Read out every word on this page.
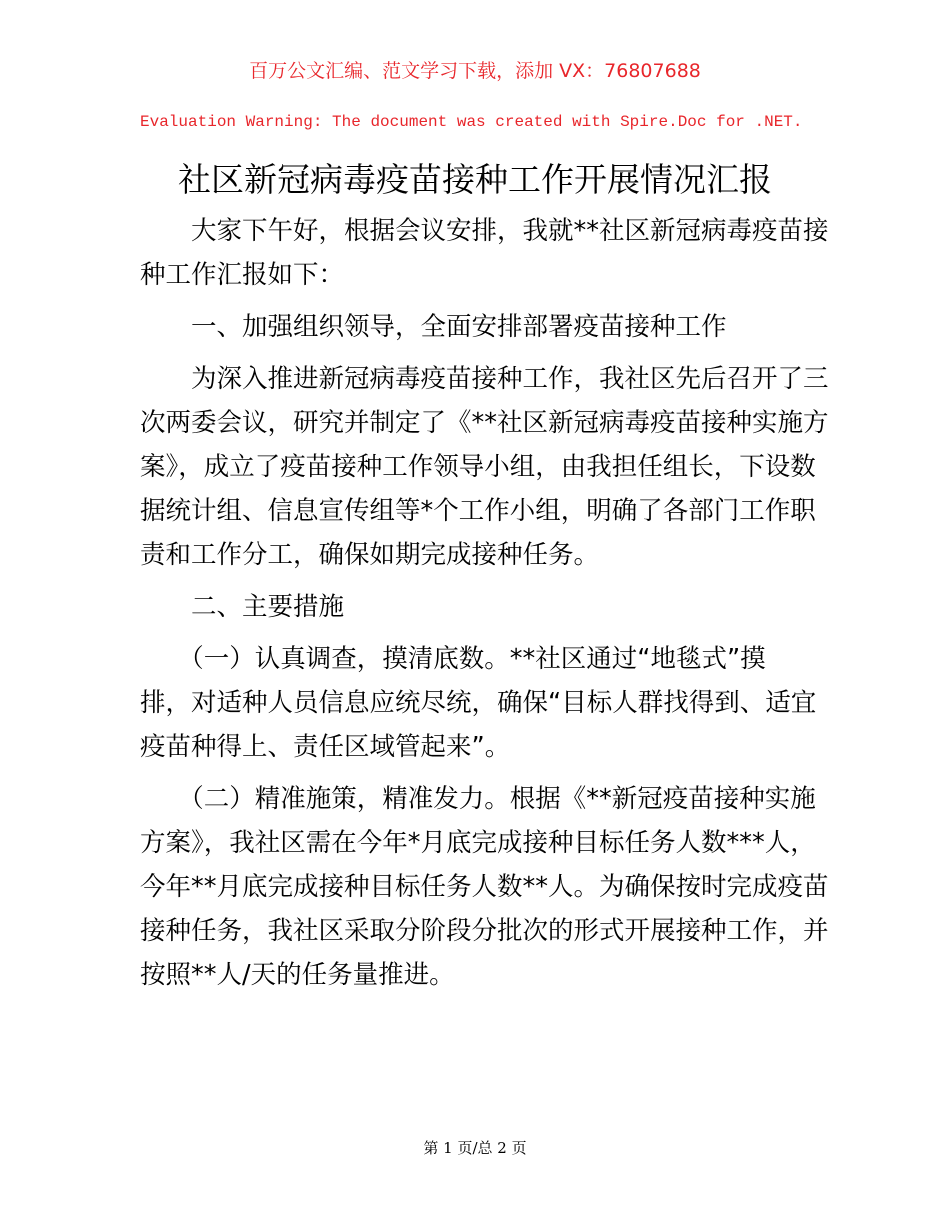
百万公文汇编、范文学习下载，添加 VX：76807688
Evaluation Warning: The document was created with Spire.Doc for .NET.
社区新冠病毒疫苗接种工作开展情况汇报
　　大家下午好，根据会议安排，我就**社区新冠病毒疫苗接
种工作汇报如下：
　　一、加强组织领导，全面安排部署疫苗接种工作
　　为深入推进新冠病毒疫苗接种工作，我社区先后召开了三
次两委会议，研究并制定了《**社区新冠病毒疫苗接种实施方
案》，成立了疫苗接种工作领导小组，由我担任组长，下设数
据统计组、信息宣传组等*个工作小组，明确了各部门工作职
责和工作分工，确保如期完成接种任务。
　　二、主要措施
　　（一）认真调查，摸清底数。**社区通过“地毯式”摸
排，对适种人员信息应统尽统，确保“目标人群找得到、适宜
疫苗种得上、责任区域管起来”。
　　（二）精准施策，精准发力。根据《**新冠疫苗接种实施
方案》，我社区需在今年*月底完成接种目标任务人数***人，
今年**月底完成接种目标任务人数**人。为确保按时完成疫苗
接种任务，我社区采取分阶段分批次的形式开展接种工作，并
按照**人/天的任务量推进。
第 1 页/总 2 页
